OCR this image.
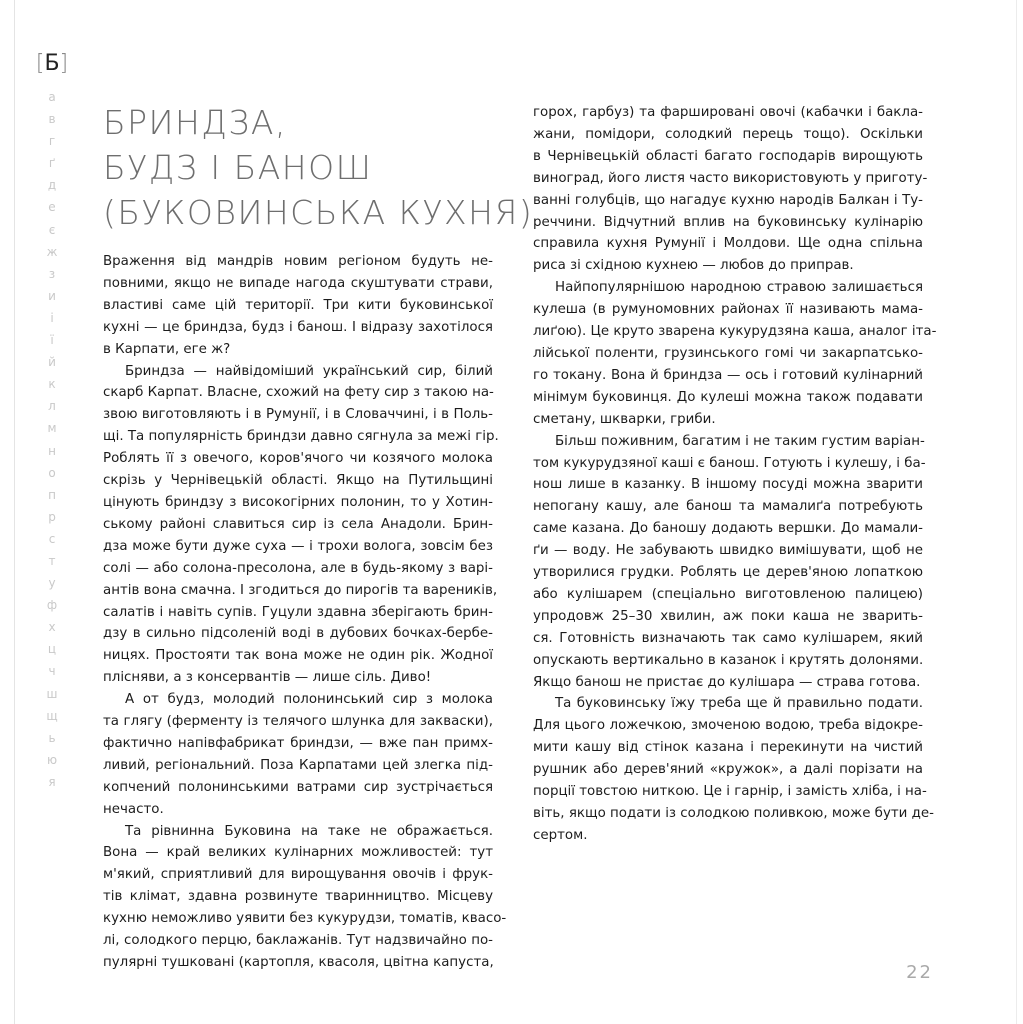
[Б]
а
в
г
ґ
д
е
є
ж
з
и
і
ї
й
к
л
м
н
о
п
р
с
т
у
ф
х
ц
ч
ш
щ
ь
ю
я
БРИНДЗА,
БУДЗ І БАНОШ
(БУКОВИНСЬКА КУХНЯ)

Враження від мандрів новим регіоном будуть не-
повними, якщо не випаде нагода скуштувати страви,
властиві саме цій території. Три кити буковинської
кухні — це бриндза, будз і банош. І відразу захотілося
в Карпати, еге ж?

Бриндза — найвідоміший український сир, білий
скарб Карпат. Власне, схожий на фету сир з такою на-
звою виготовляють і в Румунії, і в Словаччині, і в Поль-
щі. Та популярність бриндзи давно сягнула за межі гір.
Роблять її з овечого, коров'ячого чи козячого молока
скрізь у Чернівецькій області. Якщо на Путильщині
цінують бриндзу з високогірних полонин, то у Хотин-
ському районі славиться сир із села Анадоли. Брин-
дза може бути дуже суха — і трохи волога, зовсім без
солі — або солона-пресолона, але в будь-якому з варі-
антів вона смачна. І згодиться до пирогів та вареників,
салатів і навіть супів. Гуцули здавна зберігають брин-
дзу в сильно підсоленій воді в дубових бочках-бербе-
ницях. Простояти так вона може не один рік. Жодної
плісняви, а з консервантів — лише сіль. Диво!

А от будз, молодий полонинський сир з молока
та глягу (ферменту із телячого шлунка для закваски),
фактично напівфабрикат бриндзи, — вже пан примх-
ливий, регіональний. Поза Карпатами цей злегка під-
копчений полонинськими ватрами сир зустрічається
нечасто.

Та рівнинна Буковина на таке не ображається.
Вона — край великих кулінарних можливостей: тут
м'який, сприятливий для вирощування овочів і фрук-
тів клімат, здавна розвинуте тваринництво. Місцеву
кухню неможливо уявити без кукурудзи, томатів, квасо-
лі, солодкого перцю, баклажанів. Тут надзвичайно по-
пулярні тушковані (картопля, квасоля, цвітна капуста,

горох, гарбуз) та фаршировані овочі (кабачки і бакла-
жани, помідори, солодкий перець тощо). Оскільки
в Чернівецькій області багато господарів вирощують
виноград, його листя часто використовують у приготу-
ванні голубців, що нагадує кухню народів Балкан і Ту-
реччини. Відчутний вплив на буковинську кулінарію
справила кухня Румунії і Молдови. Ще одна спільна
риса зі східною кухнею — любов до приправ.

Найпопулярнішою народною стравою залишається
кулеша (в румуномовних районах її називають мама-
лиґою). Це круто зварена кукурудзяна каша, аналог іта-
лійської поленти, грузинського гомі чи закарпатсько-
го токану. Вона й бриндза — ось і готовий кулінарний
мінімум буковинця. До кулеші можна також подавати
сметану, шкварки, гриби.

Більш поживним, багатим і не таким густим варіан-
том кукурудзяної каші є банош. Готують і кулешу, і ба-
нош лише в казанку. В іншому посуді можна зварити
непогану кашу, але банош та мамалиґа потребують
саме казана. До баношу додають вершки. До мамали-
ґи — воду. Не забувають швидко вимішувати, щоб не
утворилися грудки. Роблять це дерев'яною лопаткою
або кулішарем (спеціально виготовленою палицею)
упродовж 25–30 хвилин, аж поки каша не зварить-
ся. Готовність визначають так само кулішарем, який
опускають вертикально в казанок і крутять долонями.
Якщо банош не пристає до кулішара — страва готова.

Та буковинську їжу треба ще й правильно подати.
Для цього ложечкою, змоченою водою, треба відокре-
мити кашу від стінок казана і перекинути на чистий
рушник або дерев'яний «кружок», а далі порізати на
порції товстою ниткою. Це і гарнір, і замість хліба, і на-
віть, якщо подати із солодкою поливкою, може бути де-
сертом.

22
